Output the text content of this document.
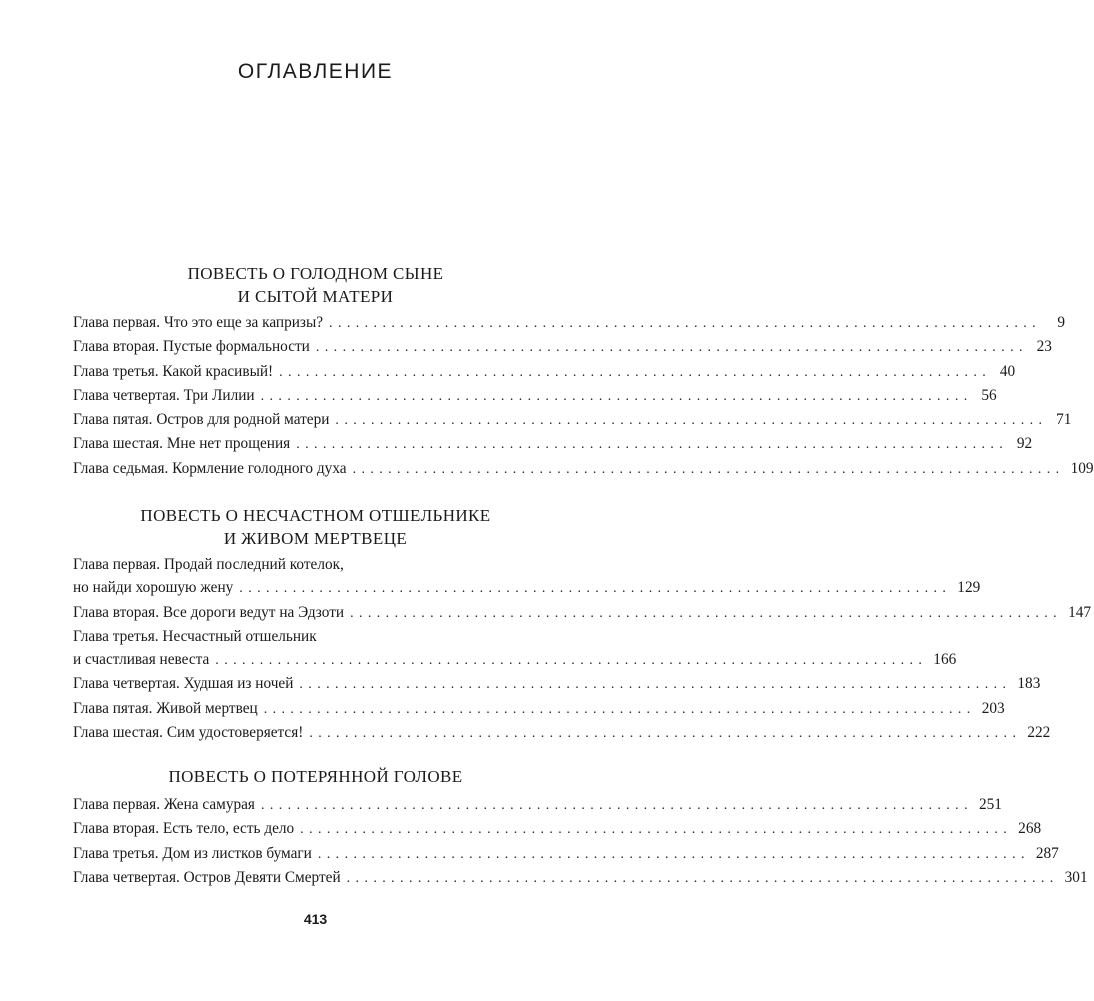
ОГЛАВЛЕНИЕ
ПОВЕСТЬ О ГОЛОДНОМ СЫНЕ
И СЫТОЙ МАТЕРИ
Глава первая. Что это еще за капризы? ................................................................................	9
Глава вторая. Пустые формальности ................................................................................ 23
Глава третья. Какой красивый! ................................................................................ 40
Глава четвертая. Три Лилии ................................................................................ 56
Глава пятая. Остров для родной матери ................................................................................ 71
Глава шестая. Мне нет прощения ................................................................................ 92
Глава седьмая. Кормление голодного духа ................................................................................ 109
ПОВЕСТЬ О НЕСЧАСТНОМ ОТШЕЛЬНИКЕ
И ЖИВОМ МЕРТВЕЦЕ
Глава первая. Продай последний котелок,
но найди хорошую жену ................................................................................ 129
Глава вторая. Все дороги ведут на Эдзоти ................................................................................ 147
Глава третья. Несчастный отшельник
и счастливая невеста ................................................................................ 166
Глава четвертая. Худшая из ночей ................................................................................ 183
Глава пятая. Живой мертвец ................................................................................ 203
Глава шестая. Сим удостоверяется! ................................................................................ 222
ПОВЕСТЬ О ПОТЕРЯННОЙ ГОЛОВЕ
Глава первая. Жена самурая ................................................................................ 251
Глава вторая. Есть тело, есть дело ................................................................................ 268
Глава третья. Дом из листков бумаги ................................................................................ 287
Глава четвертая. Остров Девяти Смертей ................................................................................ 301
413
